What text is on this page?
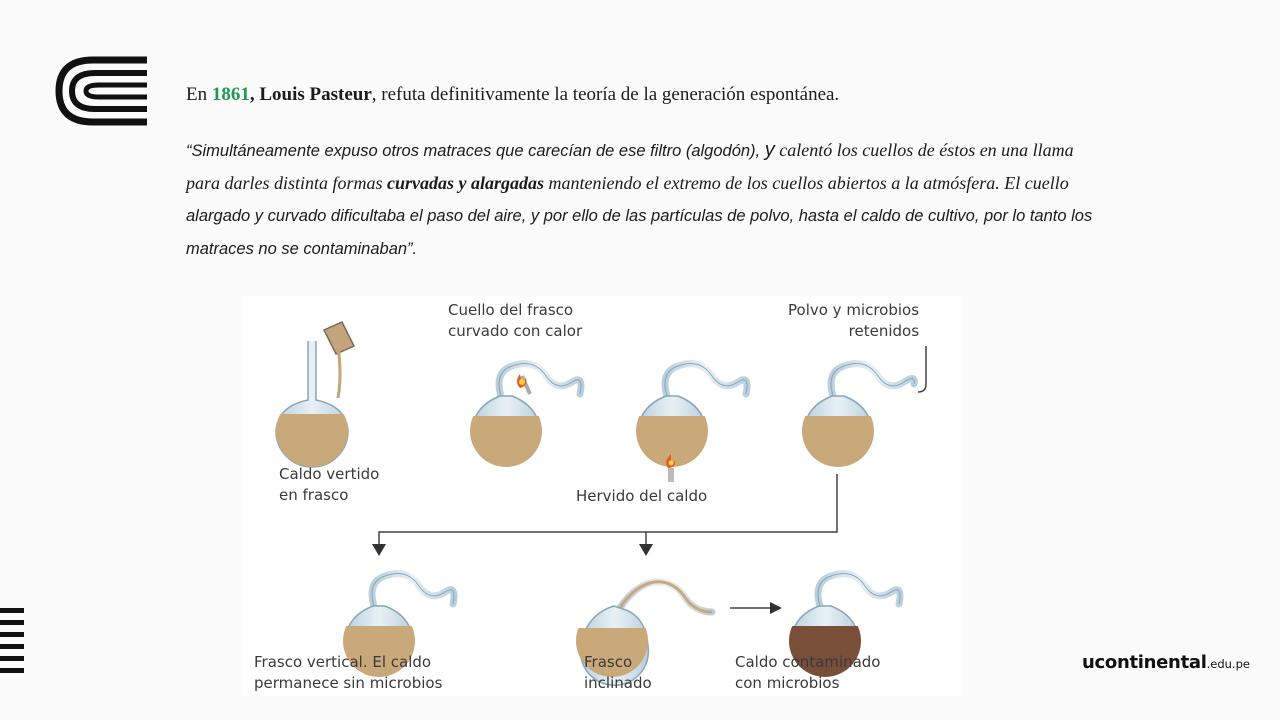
En 1861, Louis Pasteur, refuta definitivamente la teoría de la generación espontánea.

“Simultáneamente expuso otros matraces que carecían de ese filtro (algodón), y calentó los cuellos de éstos en una llama para darles distinta formas curvadas y alargadas manteniendo el extremo de los cuellos abiertos a la atmósfera. El cuello alargado y curvado dificultaba el paso del aire, y por ello de las partículas de polvo, hasta el caldo de cultivo, por lo tanto los matraces no se contaminaban”.

Caldo vertido
en frasco

Cuello del frasco
curvado con calor

Polvo y microbios
retenidos

Hervido del caldo

Frasco vertical. El caldo
permanece sin microbios

Frasco
inclinado

Caldo contaminado
con microbios

ucontinental.edu.pe
